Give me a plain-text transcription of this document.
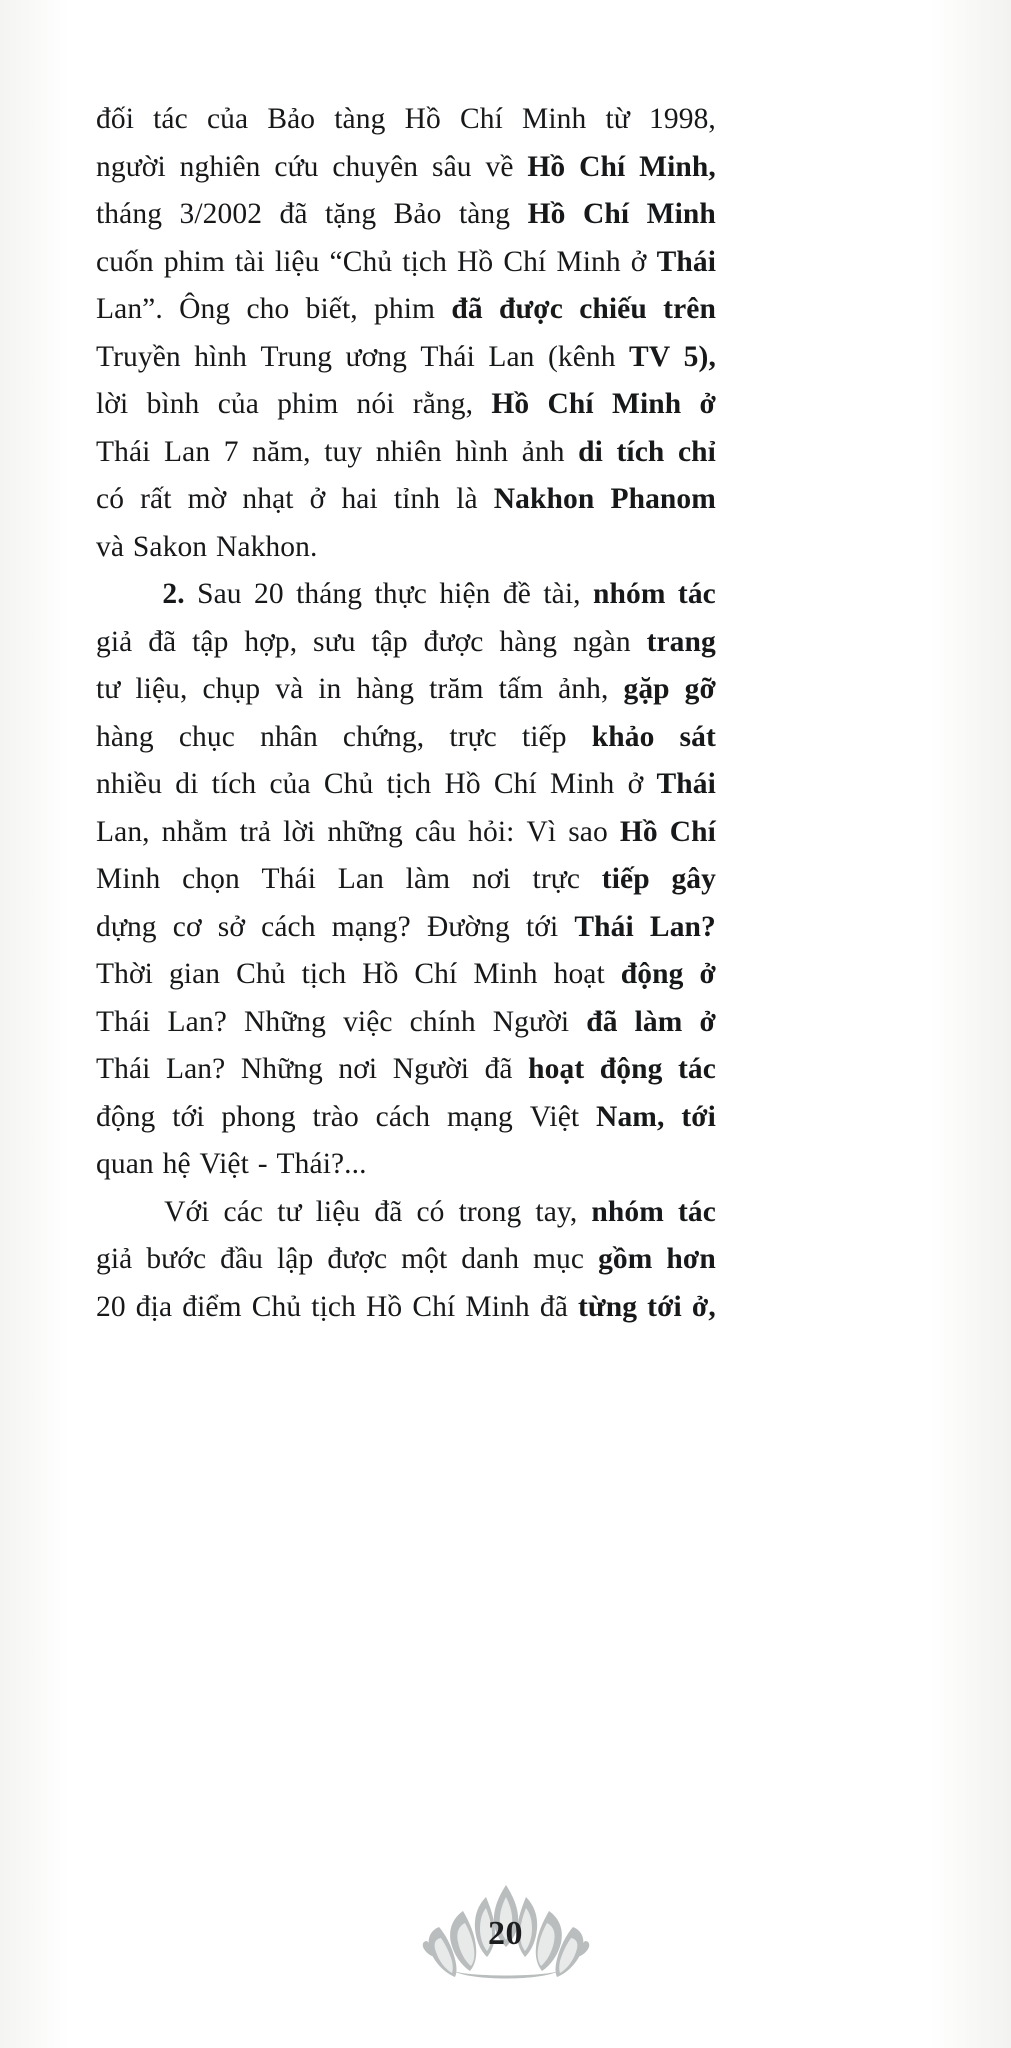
đối tác của Bảo tàng Hồ Chí Minh từ 1998,
người nghiên cứu chuyên sâu về Hồ Chí Minh,
tháng 3/2002 đã tặng Bảo tàng Hồ Chí Minh
cuốn phim tài liệu “Chủ tịch Hồ Chí Minh ở Thái
Lan”. Ông cho biết, phim đã được chiếu trên
Truyền hình Trung ương Thái Lan (kênh TV 5),
lời bình của phim nói rằng, Hồ Chí Minh ở
Thái Lan 7 năm, tuy nhiên hình ảnh di tích chỉ
có rất mờ nhạt ở hai tỉnh là Nakhon Phanom
và Sakon Nakhon.
2. Sau 20 tháng thực hiện đề tài, nhóm tác
giả đã tập hợp, sưu tập được hàng ngàn trang
tư liệu, chụp và in hàng trăm tấm ảnh, gặp gỡ
hàng chục nhân chứng, trực tiếp khảo sát
nhiều di tích của Chủ tịch Hồ Chí Minh ở Thái
Lan, nhằm trả lời những câu hỏi: Vì sao Hồ Chí
Minh chọn Thái Lan làm nơi trực tiếp gây
dựng cơ sở cách mạng? Đường tới Thái Lan?
Thời gian Chủ tịch Hồ Chí Minh hoạt động ở
Thái Lan? Những việc chính Người đã làm ở
Thái Lan? Những nơi Người đã hoạt động tác
động tới phong trào cách mạng Việt Nam, tới
quan hệ Việt - Thái?...
Với các tư liệu đã có trong tay, nhóm tác
giả bước đầu lập được một danh mục gồm hơn
20 địa điểm Chủ tịch Hồ Chí Minh đã từng tới ở,
20
